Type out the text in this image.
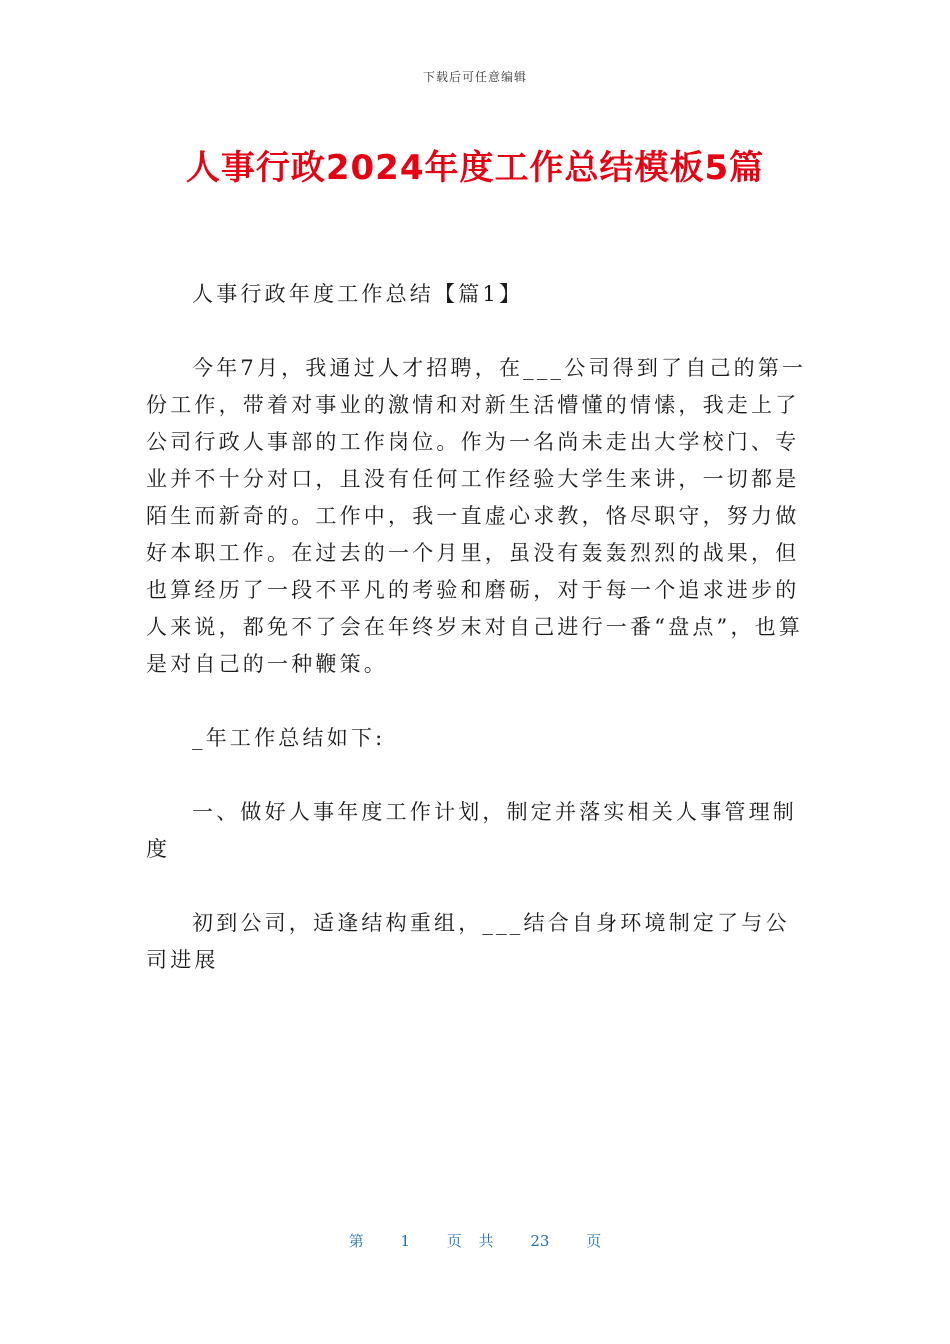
下载后可任意编辑
人事行政2024年度工作总结模板5篇

人事行政年度工作总结【篇1】

今年7月，我通过人才招聘，在___公司得到了自己的第一份工作，带着对事业的激情和对新生活懵懂的情愫，我走上了公司行政人事部的工作岗位。作为一名尚未走出大学校门、专业并不十分对口，且没有任何工作经验大学生来讲，一切都是陌生而新奇的。工作中，我一直虚心求教，恪尽职守，努力做好本职工作。在过去的一个月里，虽没有轰轰烈烈的战果，但也算经历了一段不平凡的考验和磨砺，对于每一个追求进步的人来说，都免不了会在年终岁末对自己进行一番“盘点”，也算是对自己的一种鞭策。

_年工作总结如下:

一、做好人事年度工作计划，制定并落实相关人事管理制度

初到公司，适逢结构重组，___结合自身环境制定了与公司进展

第 1 页 共 23 页
